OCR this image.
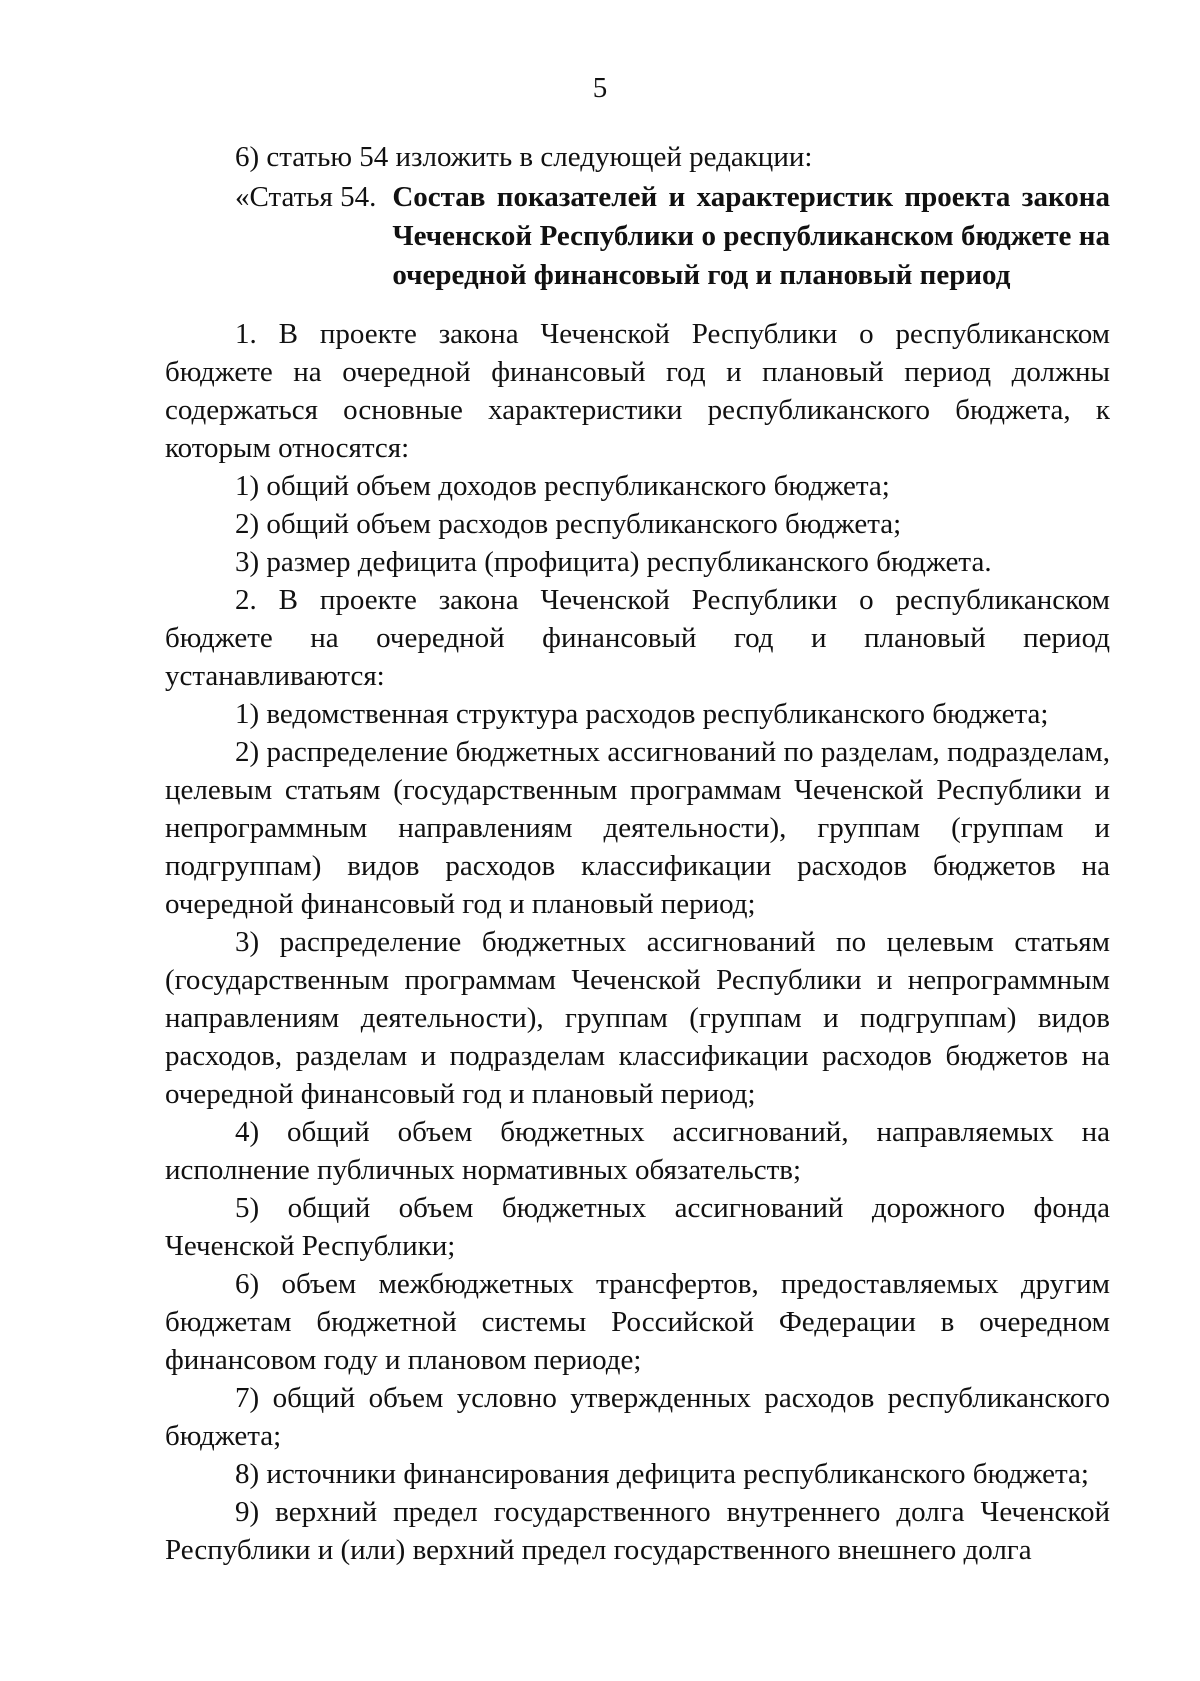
5

6) статью 54 изложить в следующей редакции:

«Статья 54. Состав показателей и характеристик проекта закона Чеченской Республики о республиканском бюджете на очередной финансовый год и плановый период

1. В проекте закона Чеченской Республики о республиканском бюджете на очередной финансовый год и плановый период должны содержаться основные характеристики республиканского бюджета, к которым относятся:

1) общий объем доходов республиканского бюджета;

2) общий объем расходов республиканского бюджета;

3) размер дефицита (профицита) республиканского бюджета.

2. В проекте закона Чеченской Республики о республиканском бюджете на очередной финансовый год и плановый период устанавливаются:

1) ведомственная структура расходов республиканского бюджета;

2) распределение бюджетных ассигнований по разделам, подразделам, целевым статьям (государственным программам Чеченской Республики и непрограммным направлениям деятельности), группам (группам и подгруппам) видов расходов классификации расходов бюджетов на очередной финансовый год и плановый период;

3) распределение бюджетных ассигнований по целевым статьям (государственным программам Чеченской Республики и непрограммным направлениям деятельности), группам (группам и подгруппам) видов расходов, разделам и подразделам классификации расходов бюджетов на очередной финансовый год и плановый период;

4) общий объем бюджетных ассигнований, направляемых на исполнение публичных нормативных обязательств;

5) общий объем бюджетных ассигнований дорожного фонда Чеченской Республики;

6) объем межбюджетных трансфертов, предоставляемых другим бюджетам бюджетной системы Российской Федерации в очередном финансовом году и плановом периоде;

7) общий объем условно утвержденных расходов республиканского бюджета;

8) источники финансирования дефицита республиканского бюджета;

9) верхний предел государственного внутреннего долга Чеченской Республики и (или) верхний предел государственного внешнего долга
